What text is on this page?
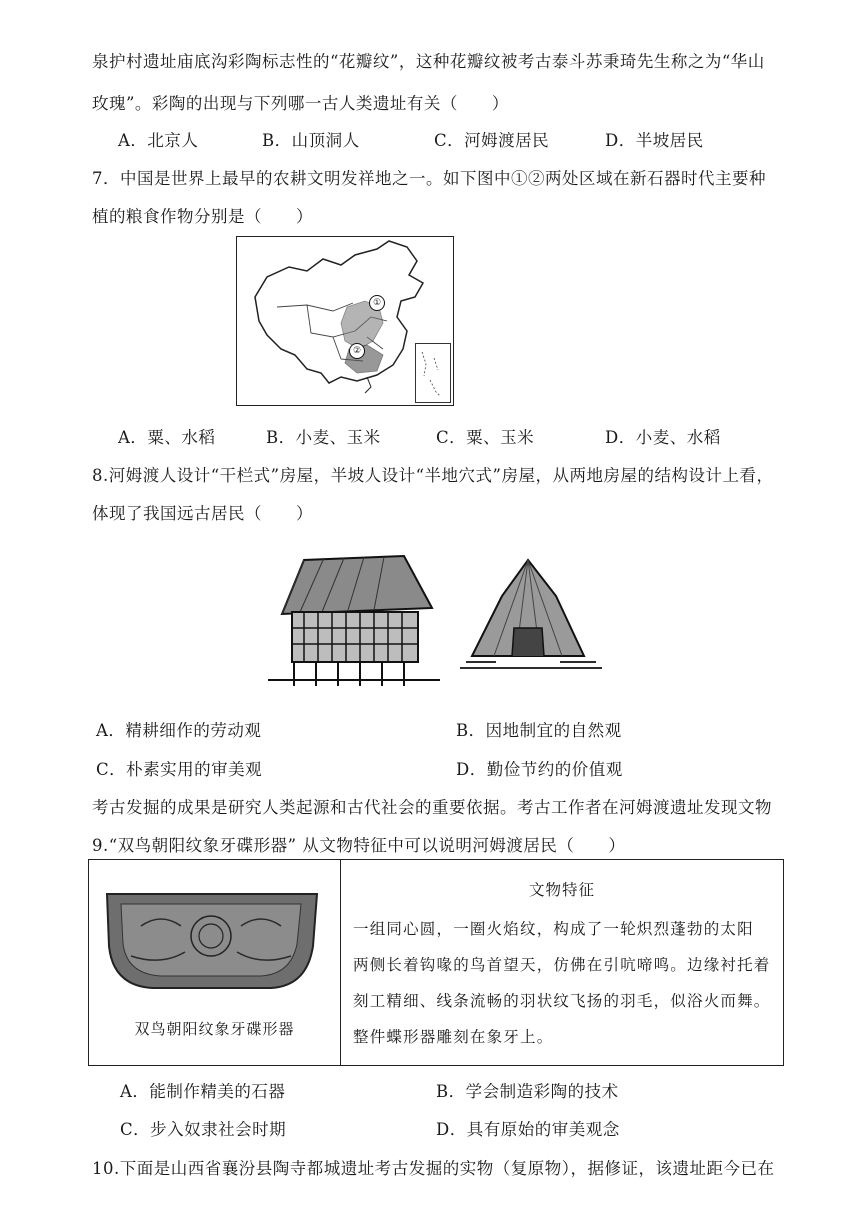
泉护村遗址庙底沟彩陶标志性的“花瓣纹”，这种花瓣纹被考古泰斗苏秉琦先生称之为“华山
玫瑰”。彩陶的出现与下列哪一古人类遗址有关（　　）
A．北京人	B．山顶洞人	C．河姆渡居民	D．半坡居民
7．中国是世界上最早的农耕文明发祥地之一。如下图中①②两处区域在新石器时代主要种
植的粮食作物分别是（　　）
①
②
A．粟、水稻	B．小麦、玉米	C．粟、玉米	D．小麦、水稻
8.河姆渡人设计“干栏式”房屋，半坡人设计“半地穴式”房屋，从两地房屋的结构设计上看，
体现了我国远古居民（　　）
A．精耕细作的劳动观	B．因地制宜的自然观
C．朴素实用的审美观	D．勤俭节约的价值观
考古发掘的成果是研究人类起源和古代社会的重要依据。考古工作者在河姆渡遗址发现文物
9.“双鸟朝阳纹象牙碟形器” 从文物特征中可以说明河姆渡居民（　　）
双鸟朝阳纹象牙碟形器
文物特征
一组同心圆，一圈火焰纹，构成了一轮炽烈蓬勃的太阳
两侧长着钩喙的鸟首望天，仿佛在引吭啼鸣。边缘衬托着
刻工精细、线条流畅的羽状纹飞扬的羽毛，似浴火而舞。
整件蝶形器雕刻在象牙上。
A．能制作精美的石器	B．学会制造彩陶的技术
C．步入奴隶社会时期	D．具有原始的审美观念
10.下面是山西省襄汾县陶寺都城遗址考古发掘的实物（复原物），据修证，该遗址距今已在
